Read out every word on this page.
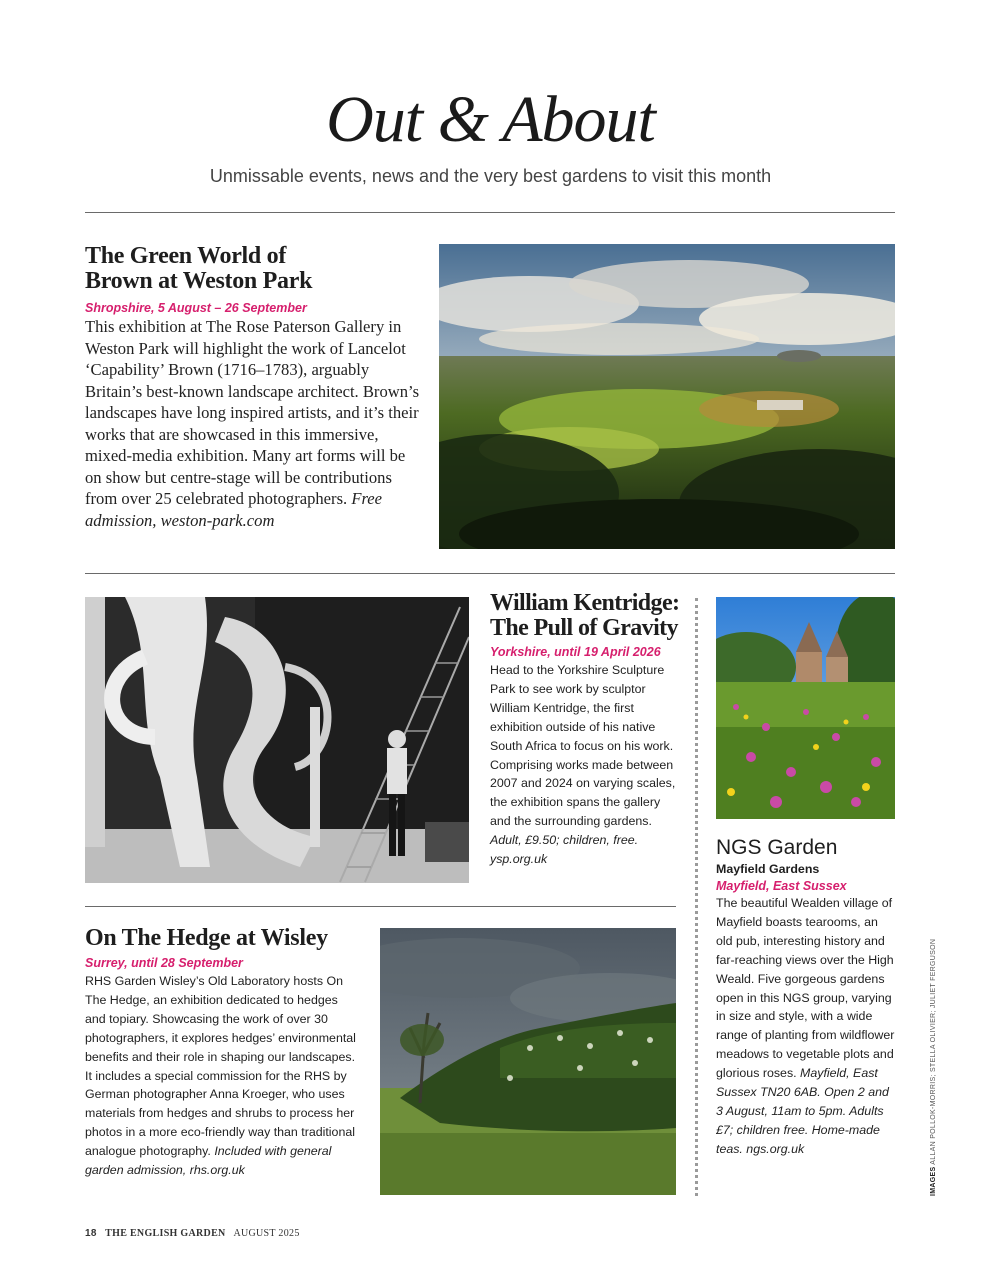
Out & About
Unmissable events, news and the very best gardens to visit this month
The Green World of
Brown at Weston Park
Shropshire, 5 August – 26 September
This exhibition at The Rose Paterson Gallery in Weston Park will highlight the work of Lancelot ‘Capability’ Brown (1716–1783), arguably Britain’s best-known landscape architect. Brown’s landscapes have long inspired artists, and it’s their works that are showcased in this immersive, mixed-media exhibition. Many art forms will be on show but centre-stage will be contributions from over 25 celebrated photographers. Free admission, weston-park.com
William Kentridge:
The Pull of Gravity
Yorkshire, until 19 April 2026
Head to the Yorkshire Sculpture Park to see work by sculptor William Kentridge, the first exhibition outside of his native South Africa to focus on his work. Comprising works made between 2007 and 2024 on varying scales, the exhibition spans the gallery and the surrounding gardens. Adult, £9.50; children, free. ysp.org.uk
NGS Garden
Mayfield Gardens
Mayfield, East Sussex
The beautiful Wealden village of Mayfield boasts tearooms, an old pub, interesting history and far-reaching views over the High Weald. Five gorgeous gardens open in this NGS group, varying in size and style, with a wide range of planting from wildflower meadows to vegetable plots and glorious roses. Mayfield, East Sussex TN20 6AB. Open 2 and 3 August, 11am to 5pm. Adults £7; children free. Home-made teas. ngs.org.uk
On The Hedge at Wisley
Surrey, until 28 September
RHS Garden Wisley’s Old Laboratory hosts On The Hedge, an exhibition dedicated to hedges and topiary. Showcasing the work of over 30 photographers, it explores hedges’ environmental benefits and their role in shaping our landscapes. It includes a special commission for the RHS by German photographer Anna Kroeger, who uses materials from hedges and shrubs to process her photos in a more eco-friendly way than traditional analogue photography. Included with general garden admission, rhs.org.uk	IMAGES ALLAN POLLOK-MORRIS; STELLA OLIVIER; JULIET FERGUSON
18 THE ENGLISH GARDEN AUGUST 2025
